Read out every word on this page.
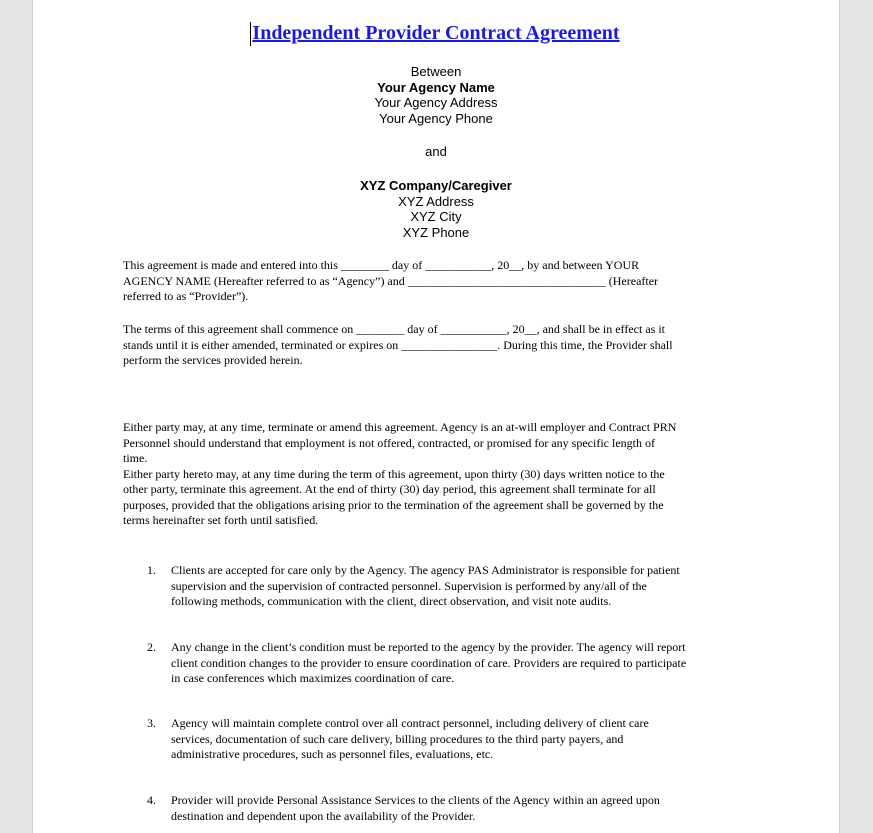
Independent Provider Contract Agreement
Between
Your Agency Name
Your Agency Address
Your Agency Phone
and
XYZ Company/Caregiver
XYZ Address
XYZ City
XYZ Phone
This agreement is made and entered into this ________ day of ___________, 20__, by and between YOUR
AGENCY NAME (Hereafter referred to as “Agency”) and _________________________________ (Hereafter
referred to as “Provider”).
The terms of this agreement shall commence on ________ day of ___________, 20__, and shall be in effect as it
stands until it is either amended, terminated or expires on ________________. During this time, the Provider shall
perform the services provided herein.
Either party may, at any time, terminate or amend this agreement. Agency is an at-will employer and Contract PRN
Personnel should understand that employment is not offered, contracted, or promised for any specific length of
time.
Either party hereto may, at any time during the term of this agreement, upon thirty (30) days written notice to the
other party, terminate this agreement. At the end of thirty (30) day period, this agreement shall terminate for all
purposes, provided that the obligations arising prior to the termination of the agreement shall be governed by the
terms hereinafter set forth until satisfied.
1. Clients are accepted for care only by the Agency. The agency PAS Administrator is responsible for patient
supervision and the supervision of contracted personnel. Supervision is performed by any/all of the
following methods, communication with the client, direct observation, and visit note audits.
2. Any change in the client’s condition must be reported to the agency by the provider. The agency will report
client condition changes to the provider to ensure coordination of care. Providers are required to participate
in case conferences which maximizes coordination of care.
3. Agency will maintain complete control over all contract personnel, including delivery of client care
services, documentation of such care delivery, billing procedures to the third party payers, and
administrative procedures, such as personnel files, evaluations, etc.
4. Provider will provide Personal Assistance Services to the clients of the Agency within an agreed upon
destination and dependent upon the availability of the Provider.
